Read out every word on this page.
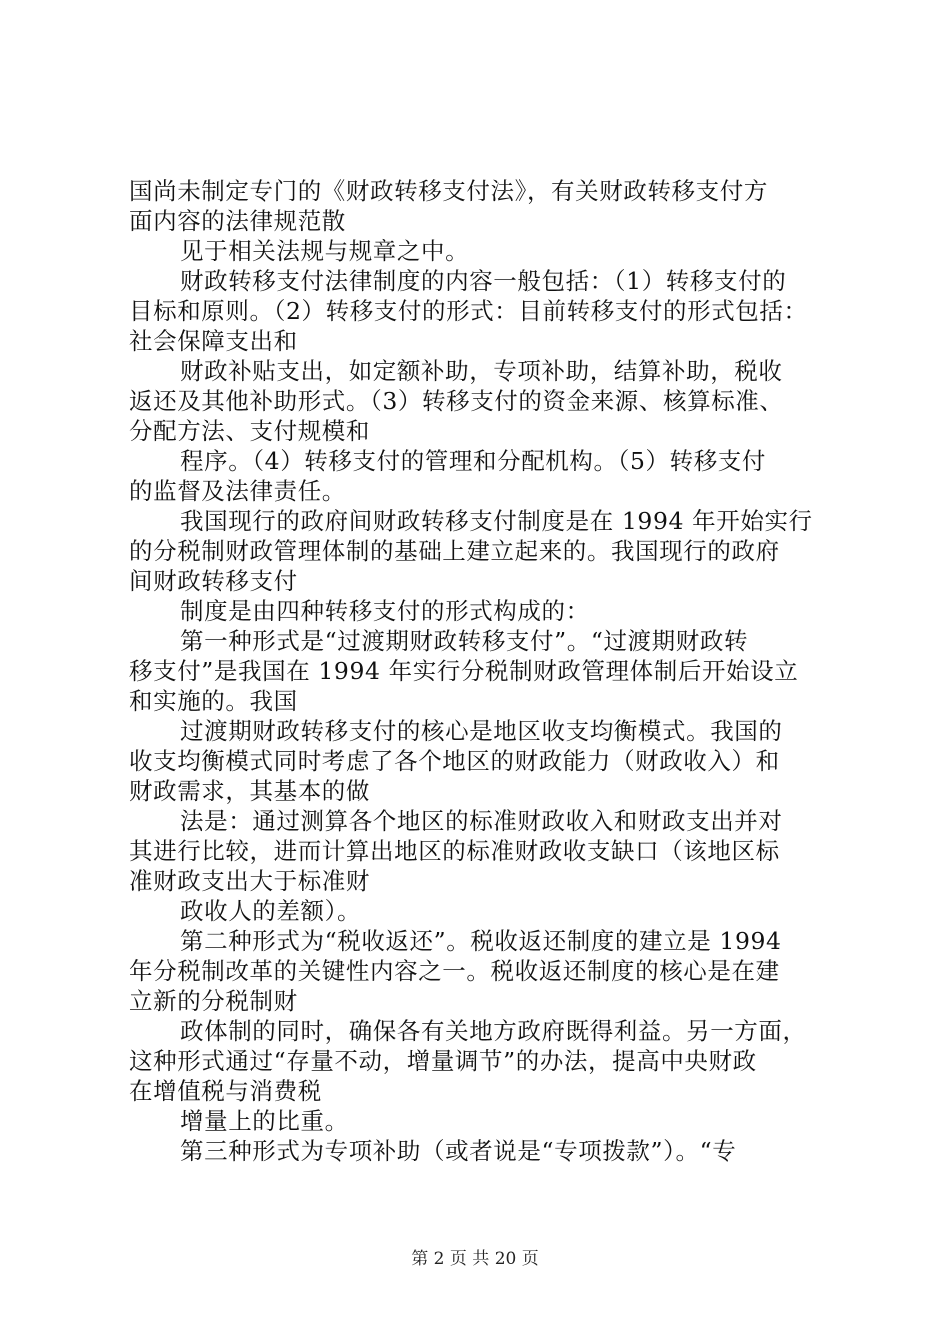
国尚未制定专门的《财政转移支付法》，有关财政转移支付方
面内容的法律规范散
见于相关法规与规章之中。
财政转移支付法律制度的内容一般包括：（1）转移支付的
目标和原则。（2）转移支付的形式：目前转移支付的形式包括：
社会保障支出和
财政补贴支出，如定额补助，专项补助，结算补助，税收
返还及其他补助形式。（3）转移支付的资金来源、核算标准、
分配方法、支付规模和
程序。（4）转移支付的管理和分配机构。（5）转移支付
的监督及法律责任。
我国现行的政府间财政转移支付制度是在 1994 年开始实行
的分税制财政管理体制的基础上建立起来的。我国现行的政府
间财政转移支付
制度是由四种转移支付的形式构成的：
第一种形式是“过渡期财政转移支付”。“过渡期财政转
移支付”是我国在 1994 年实行分税制财政管理体制后开始设立
和实施的。我国
过渡期财政转移支付的核心是地区收支均衡模式。我国的
收支均衡模式同时考虑了各个地区的财政能力（财政收入）和
财政需求，其基本的做
法是：通过测算各个地区的标准财政收入和财政支出并对
其进行比较，进而计算出地区的标准财政收支缺口（该地区标
准财政支出大于标准财
政收人的差额）。
第二种形式为“税收返还”。税收返还制度的建立是 1994
年分税制改革的关键性内容之一。税收返还制度的核心是在建
立新的分税制财
政体制的同时，确保各有关地方政府既得利益。另一方面，
这种形式通过“存量不动，增量调节”的办法，提高中央财政
在增值税与消费税
增量上的比重。
第三种形式为专项补助（或者说是“专项拨款”）。“专
第 2 页 共 20 页
